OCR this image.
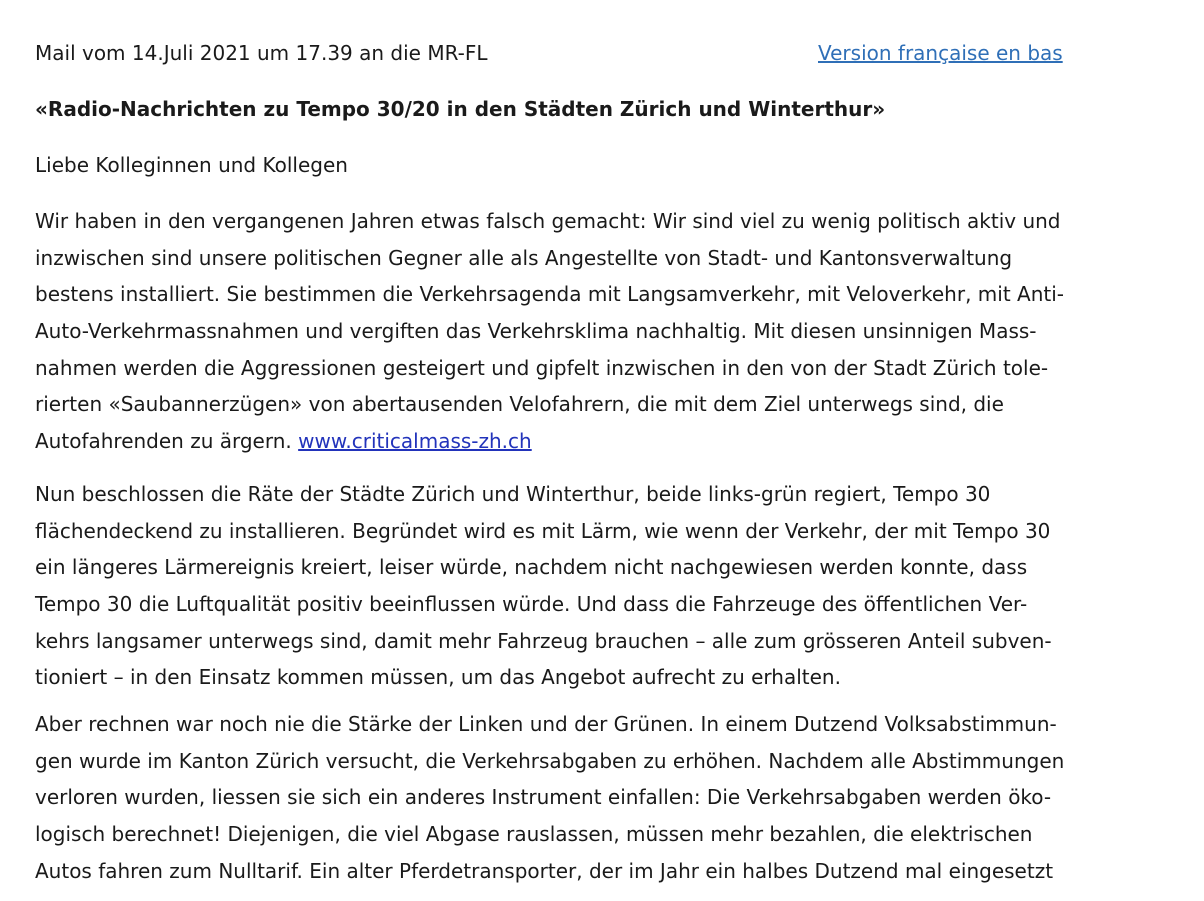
Mail vom 14.Juli 2021 um 17.39 an die MR-FL	Version française en bas
«Radio-Nachrichten zu Tempo 30/20 in den Städten Zürich und Winterthur»
Liebe Kolleginnen und Kollegen
Wir haben in den vergangenen Jahren etwas falsch gemacht: Wir sind viel zu wenig politisch aktiv und
inzwischen sind unsere politischen Gegner alle als Angestellte von Stadt- und Kantonsverwaltung
bestens installiert. Sie bestimmen die Verkehrsagenda mit Langsamverkehr, mit Veloverkehr, mit Anti-
Auto-Verkehrmassnahmen und vergiften das Verkehrsklima nachhaltig. Mit diesen unsinnigen Mass-
nahmen werden die Aggressionen gesteigert und gipfelt inzwischen in den von der Stadt Zürich tole-
rierten «Saubannerzügen» von abertausenden Velofahrern, die mit dem Ziel unterwegs sind, die
Autofahrenden zu ärgern. www.criticalmass-zh.ch
Nun beschlossen die Räte der Städte Zürich und Winterthur, beide links-grün regiert, Tempo 30
flächendeckend zu installieren. Begründet wird es mit Lärm, wie wenn der Verkehr, der mit Tempo 30
ein längeres Lärmereignis kreiert, leiser würde, nachdem nicht nachgewiesen werden konnte, dass
Tempo 30 die Luftqualität positiv beeinflussen würde. Und dass die Fahrzeuge des öffentlichen Ver-
kehrs langsamer unterwegs sind, damit mehr Fahrzeug brauchen – alle zum grösseren Anteil subven-
tioniert – in den Einsatz kommen müssen, um das Angebot aufrecht zu erhalten.
Aber rechnen war noch nie die Stärke der Linken und der Grünen. In einem Dutzend Volksabstimmun-
gen wurde im Kanton Zürich versucht, die Verkehrsabgaben zu erhöhen. Nachdem alle Abstimmungen
verloren wurden, liessen sie sich ein anderes Instrument einfallen: Die Verkehrsabgaben werden öko-
logisch berechnet! Diejenigen, die viel Abgase rauslassen, müssen mehr bezahlen, die elektrischen
Autos fahren zum Nulltarif. Ein alter Pferdetransporter, der im Jahr ein halbes Dutzend mal eingesetzt
